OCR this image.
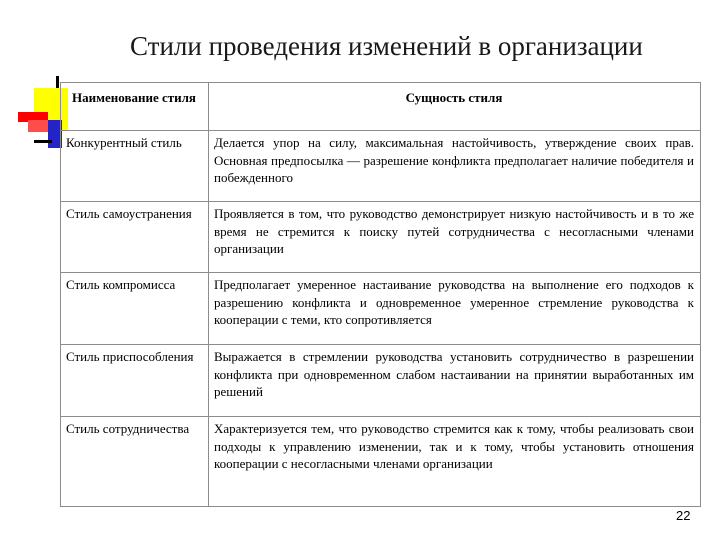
Стили проведения изменений в организации
Наименование стиля	Сущность стиля
Конкурентный стиль	Делается упор на силу, максимальная настойчивость, утверждение своих прав. Основная предпосылка — разрешение конфликта предполагает наличие победителя и побежденного
Стиль самоустранения	Проявляется в том, что руководство демонстрирует низкую настойчивость и в то же время не стремится к поиску путей сотрудничества с несогласными членами организации
Стиль компромисса	Предполагает умеренное настаивание руководства на выполнение его подходов к разрешению конфликта и одновременное умеренное стремление руководства к кооперации с теми, кто сопротивляется
Стиль приспособления	Выражается в стремлении руководства установить сотрудничество в разрешении конфликта при одновременном слабом настаивании на принятии выработанных им решений
Стиль сотрудничества	Характеризуется тем, что руководство стремится как к тому, чтобы реализовать свои подходы к управлению изменении, так и к тому, чтобы установить отношения кооперации с несогласными членами организации
22
